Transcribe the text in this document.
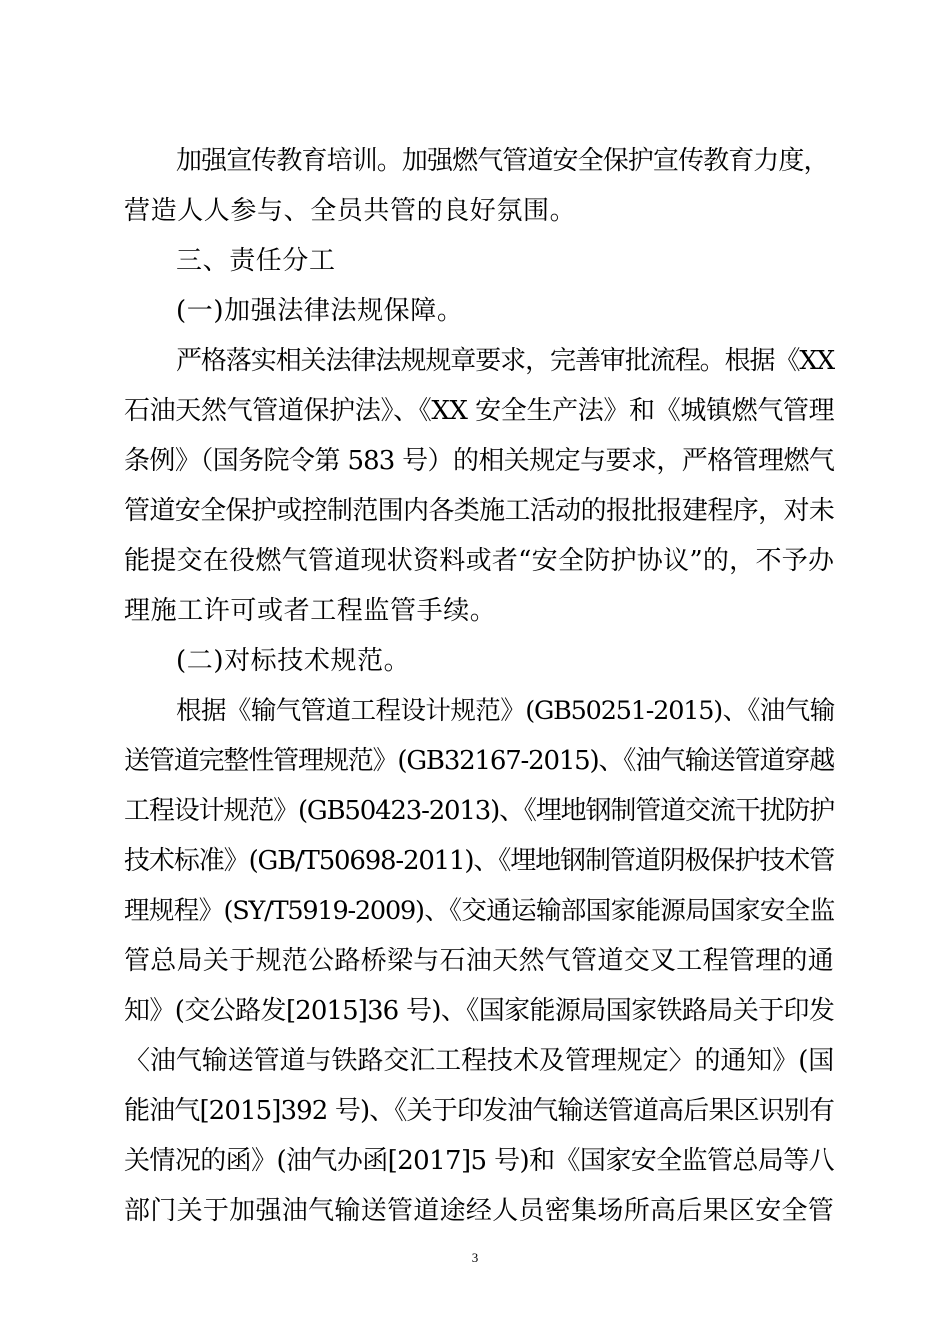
加强宣传教育培训。加强燃气管道安全保护宣传教育力度，
营造人人参与、全员共管的良好氛围。
三、责任分工
(一)加强法律法规保障。
严格落实相关法律法规规章要求，完善审批流程。根据《XX
石油天然气管道保护法》、《XX 安全生产法》和《城镇燃气管理
条例》（国务院令第 583 号）的相关规定与要求，严格管理燃气
管道安全保护或控制范围内各类施工活动的报批报建程序，对未
能提交在役燃气管道现状资料或者“安全防护协议”的，不予办
理施工许可或者工程监管手续。
(二)对标技术规范。
根据《输气管道工程设计规范》(GB50251-2015)、《油气输
送管道完整性管理规范》(GB32167-2015)、《油气输送管道穿越
工程设计规范》(GB50423-2013)、《埋地钢制管道交流干扰防护
技术标准》(GB/T50698-2011)、《埋地钢制管道阴极保护技术管
理规程》(SY/T5919-2009)、《交通运输部国家能源局国家安全监
管总局关于规范公路桥梁与石油天然气管道交叉工程管理的通
知》(交公路发[2015]36 号)、《国家能源局国家铁路局关于印发
〈油气输送管道与铁路交汇工程技术及管理规定〉的通知》(国
能油气[2015]392 号)、《关于印发油气输送管道高后果区识别有
关情况的函》(油气办函[2017]5 号)和《国家安全监管总局等八
部门关于加强油气输送管道途经人员密集场所高后果区安全管
3
